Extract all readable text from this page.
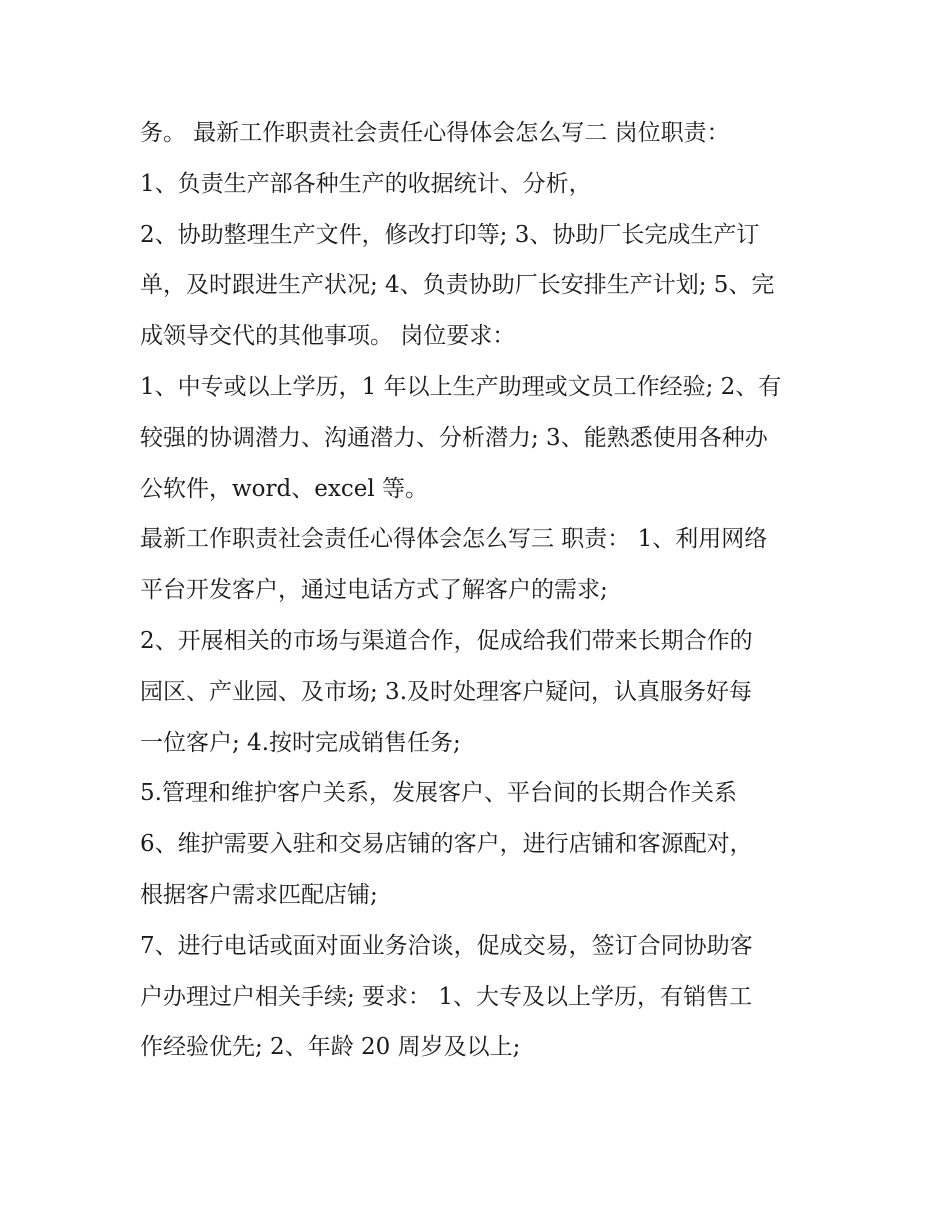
务。 最新工作职责社会责任心得体会怎么写二 岗位职责：
1、负责生产部各种生产的收据统计、分析，
2、协助整理生产文件，修改打印等; 3、协助厂长完成生产订
单，及时跟进生产状况; 4、负责协助厂长安排生产计划; 5、完
成领导交代的其他事项。 岗位要求：
1、中专或以上学历，1 年以上生产助理或文员工作经验; 2、有
较强的协调潜力、沟通潜力、分析潜力; 3、能熟悉使用各种办
公软件，word、excel 等。
最新工作职责社会责任心得体会怎么写三 职责： 1、利用网络
平台开发客户，通过电话方式了解客户的需求;
2、开展相关的市场与渠道合作，促成给我们带来长期合作的
园区、产业园、及市场; 3.及时处理客户疑问，认真服务好每
一位客户; 4.按时完成销售任务;
5.管理和维护客户关系，发展客户、平台间的长期合作关系
6、维护需要入驻和交易店铺的客户，进行店铺和客源配对，
根据客户需求匹配店铺;
7、进行电话或面对面业务洽谈，促成交易，签订合同协助客
户办理过户相关手续; 要求： 1、大专及以上学历，有销售工
作经验优先; 2、年龄 20 周岁及以上;
